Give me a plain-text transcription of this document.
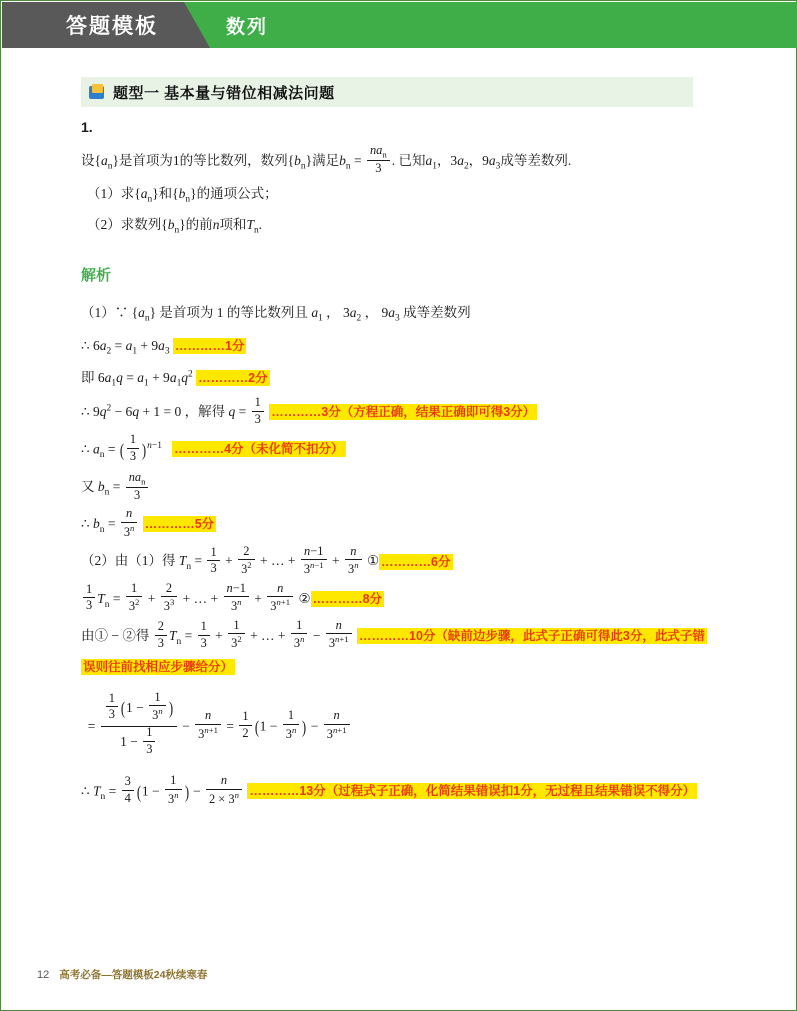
答题模板	数列
题型一 基本量与错位相减法问题
1.
设$\{a_n\}$是首项为1的等比数列，数列$\{b_n\}$满足$b_n = \frac{na_n}{3}$ . 已知$a_1$，$3a_2$，$9a_3$成等差数列.
（1）求$\{a_n\}$和$\{b_n\}$的通项公式；
（2）求数列$\{b_n\}$的前n项和$T_n$.
解析
（1）∵ $\{a_n\}$ 是首项为 1 的等比数列且 $a_1$ ， $3a_2$ ， $9a_3$ 成等差数列
∴ $6a_2 = a_1 + 9a_3$ …………1分
即 $6a_1q = a_1 + 9a_1q^2$ …………2分
∴ $9q^2 - 6q + 1 = 0$ ，解得 $q = \frac{1}{3}$ …………3分（方程正确，结果正确即可得3分）
∴ $a_n$ = ( $\frac{1}{3} )^{n-1}$ …………4分（未化简不扣分）
又 $b_n = \frac{na_n}{3}$
∴ $b_n = \frac{n}{3^n}$ …………5分
（2）由（1）得 $T_n = \frac{1}{3} + \frac{2}{3^2}$ + … + $\frac{n-1}{3^{n-1}} + \frac{n}{3^n}$ ① …………6分
$\frac{1}{3} T_n = \frac{1}{3^2} + \frac{2}{3^3}$ + … + $\frac{n-1}{3^n} + \frac{n}{3^{n+1}}$ ② …………8分
由① − ②得 $\frac{2}{3} T_n = \frac{1}{3} + \frac{1}{3^2}$ + … + $\frac{1}{3^n} - \frac{n}{3^{n+1}}$ …………10分（缺前边步骤，此式子正确可得此3分，此式子错误则往前找相应步骤给分）
= $\frac{\frac{1}{3} (1 - \frac{1}{3^n} )}{1 - \frac{1}{3}} - \frac{n}{3^{n+1}} = \frac{1}{2} (1 - \frac{1}{3^n}$ ) − $\frac{n}{3^{n+1}}$
∴ $T_n = \frac{3}{4} (1 - \frac{1}{3^n}$ ) − $\frac{n}{2 \times 3^n}$ …………13分（过程式子正确，化简结果错误扣1分，无过程且结果错误不得分）
12 高考必备—答题模板24秋续寒春
